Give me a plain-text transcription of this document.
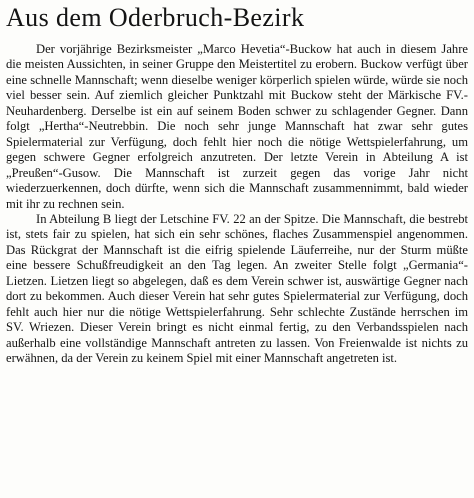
Aus dem Oderbruch-Bezirk

Der vorjährige Bezirksmeister „Marco Hevetia“-Buckow hat auch in diesem Jahre die meisten Aussichten, in seiner Gruppe den Meistertitel zu erobern. Buckow verfügt über eine schnelle Mannschaft; wenn dieselbe weniger körperlich spielen würde, würde sie noch viel besser sein. Auf ziemlich gleicher Punktzahl mit Buckow steht der Märkische FV.-Neuhardenberg. Derselbe ist ein auf seinem Boden schwer zu schlagender Gegner. Dann folgt „Hertha“-Neutrebbin. Die noch sehr junge Mannschaft hat zwar sehr gutes Spielermaterial zur Verfügung, doch fehlt hier noch die nötige Wettspielerfahrung, um gegen schwere Gegner erfolgreich anzutreten. Der letzte Verein in Abteilung A ist „Preußen“-Gusow. Die Mannschaft ist zurzeit gegen das vorige Jahr nicht wiederzuerkennen, doch dürfte, wenn sich die Mannschaft zusammennimmt, bald wieder mit ihr zu rechnen sein.

In Abteilung B liegt der Letschine FV. 22 an der Spitze. Die Mannschaft, die bestrebt ist, stets fair zu spielen, hat sich ein sehr schönes, flaches Zusammenspiel angenommen. Das Rückgrat der Mannschaft ist die eifrig spielende Läuferreihe, nur der Sturm müßte eine bessere Schußfreudigkeit an den Tag legen. An zweiter Stelle folgt „Germania“-Lietzen. Lietzen liegt so abgelegen, daß es dem Verein schwer ist, auswärtige Gegner nach dort zu bekommen. Auch dieser Verein hat sehr gutes Spielermaterial zur Verfügung, doch fehlt auch hier nur die nötige Wettspielerfahrung. Sehr schlechte Zustände herrschen im SV. Wriezen. Dieser Verein bringt es nicht einmal fertig, zu den Verbandsspielen nach außerhalb eine vollständige Mannschaft antreten zu lassen. Von Freienwalde ist nichts zu erwähnen, da der Verein zu keinem Spiel mit einer Mannschaft angetreten ist.
